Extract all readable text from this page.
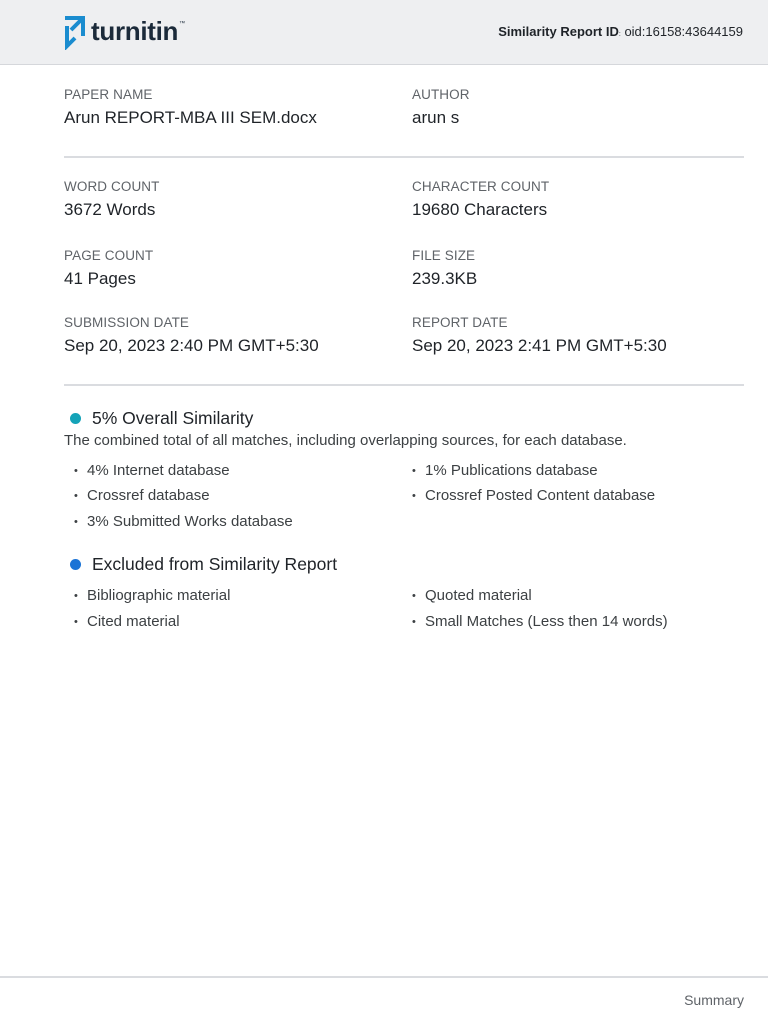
turnitin ™	Similarity Report ID: oid:16158:43644159
PAPER NAME
Arun REPORT-MBA III SEM.docx
AUTHOR
arun s
WORD COUNT
3672 Words
CHARACTER COUNT
19680 Characters
PAGE COUNT
41 Pages
FILE SIZE
239.3KB
SUBMISSION DATE
Sep 20, 2023 2:40 PM GMT+5:30
REPORT DATE
Sep 20, 2023 2:41 PM GMT+5:30
5% Overall Similarity
The combined total of all matches, including overlapping sources, for each database.
• 4% Internet database	• 1% Publications database
• Crossref database	• Crossref Posted Content database
• 3% Submitted Works database
Excluded from Similarity Report
• Bibliographic material	• Quoted material
• Cited material	• Small Matches (Less then 14 words)
Summary
